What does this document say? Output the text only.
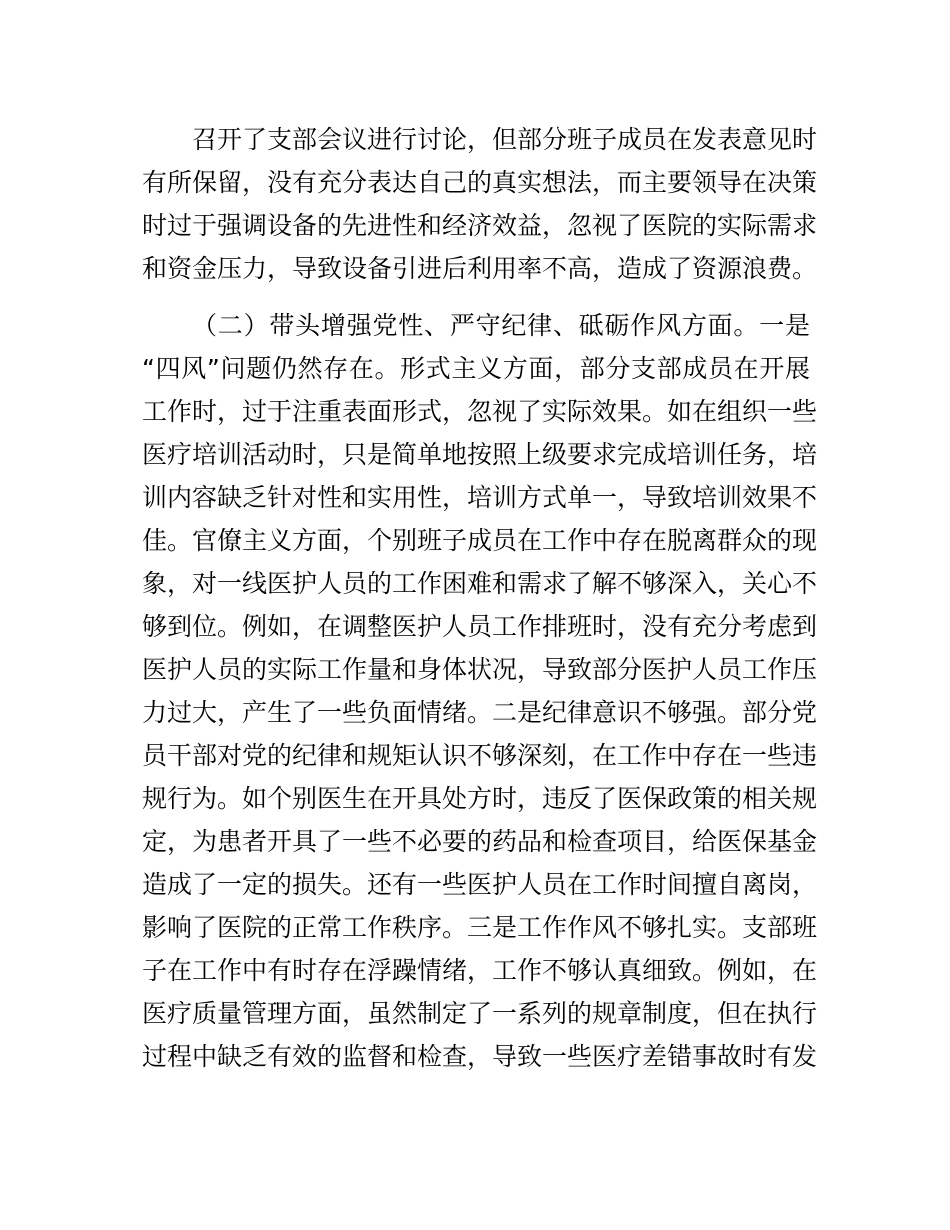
召开了支部会议进行讨论，但部分班子成员在发表意见时
有所保留，没有充分表达自己的真实想法，而主要领导在决策
时过于强调设备的先进性和经济效益，忽视了医院的实际需求
和资金压力，导致设备引进后利用率不高，造成了资源浪费。
（二）带头增强党性、严守纪律、砥砺作风方面。一是
“四风”问题仍然存在。形式主义方面，部分支部成员在开展
工作时，过于注重表面形式，忽视了实际效果。如在组织一些
医疗培训活动时，只是简单地按照上级要求完成培训任务，培
训内容缺乏针对性和实用性，培训方式单一，导致培训效果不
佳。官僚主义方面，个别班子成员在工作中存在脱离群众的现
象，对一线医护人员的工作困难和需求了解不够深入，关心不
够到位。例如，在调整医护人员工作排班时，没有充分考虑到
医护人员的实际工作量和身体状况，导致部分医护人员工作压
力过大，产生了一些负面情绪。二是纪律意识不够强。部分党
员干部对党的纪律和规矩认识不够深刻，在工作中存在一些违
规行为。如个别医生在开具处方时，违反了医保政策的相关规
定，为患者开具了一些不必要的药品和检查项目，给医保基金
造成了一定的损失。还有一些医护人员在工作时间擅自离岗，
影响了医院的正常工作秩序。三是工作作风不够扎实。支部班
子在工作中有时存在浮躁情绪，工作不够认真细致。例如，在
医疗质量管理方面，虽然制定了一系列的规章制度，但在执行
过程中缺乏有效的监督和检查，导致一些医疗差错事故时有发
